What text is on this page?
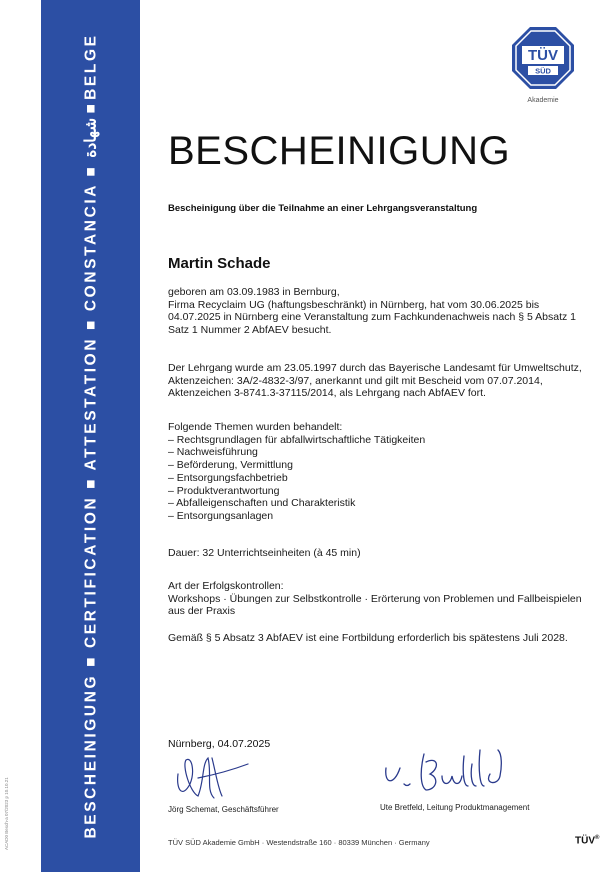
ACAD0 Besch-a 07/2023 p 10.10.21	BESCHEINIGUNG ■ CERTIFICATION ■ ATTESTATION ■ CONSTANCIA ■ شهادة ■ BELGE	TÜV
SÜD
Akademie
BESCHEINIGUNG
Bescheinigung über die Teilnahme an einer Lehrgangsveranstaltung
Martin Schade
geboren am 03.09.1983 in Bernburg,
Firma Recyclaim UG (haftungsbeschränkt) in Nürnberg, hat vom 30.06.2025 bis
04.07.2025 in Nürnberg eine Veranstaltung zum Fachkundenachweis nach § 5 Absatz 1
Satz 1 Nummer 2 AbfAEV besucht.
Der Lehrgang wurde am 23.05.1997 durch das Bayerische Landesamt für Umweltschutz,
Aktenzeichen: 3A/2-4832-3/97, anerkannt und gilt mit Bescheid vom 07.07.2014,
Aktenzeichen 3-8741.3-37115/2014, als Lehrgang nach AbfAEV fort.
Folgende Themen wurden behandelt:
– Rechtsgrundlagen für abfallwirtschaftliche Tätigkeiten
– Nachweisführung
– Beförderung, Vermittlung
– Entsorgungsfachbetrieb
– Produktverantwortung
– Abfalleigenschaften und Charakteristik
– Entsorgungsanlagen
Dauer: 32 Unterrichtseinheiten (à 45 min)
Art der Erfolgskontrollen:
Workshops · Übungen zur Selbstkontrolle · Erörterung von Problemen und Fallbeispielen
aus der Praxis
Gemäß § 5 Absatz 3 AbfAEV ist eine Fortbildung erforderlich bis spätestens Juli 2028.
Nürnberg, 04.07.2025
Jörg Schemat, Geschäftsführer	Ute Bretfeld, Leitung Produktmanagement
TÜV SÜD Akademie GmbH · Westendstraße 160 · 80339 München · Germany	TÜV®
